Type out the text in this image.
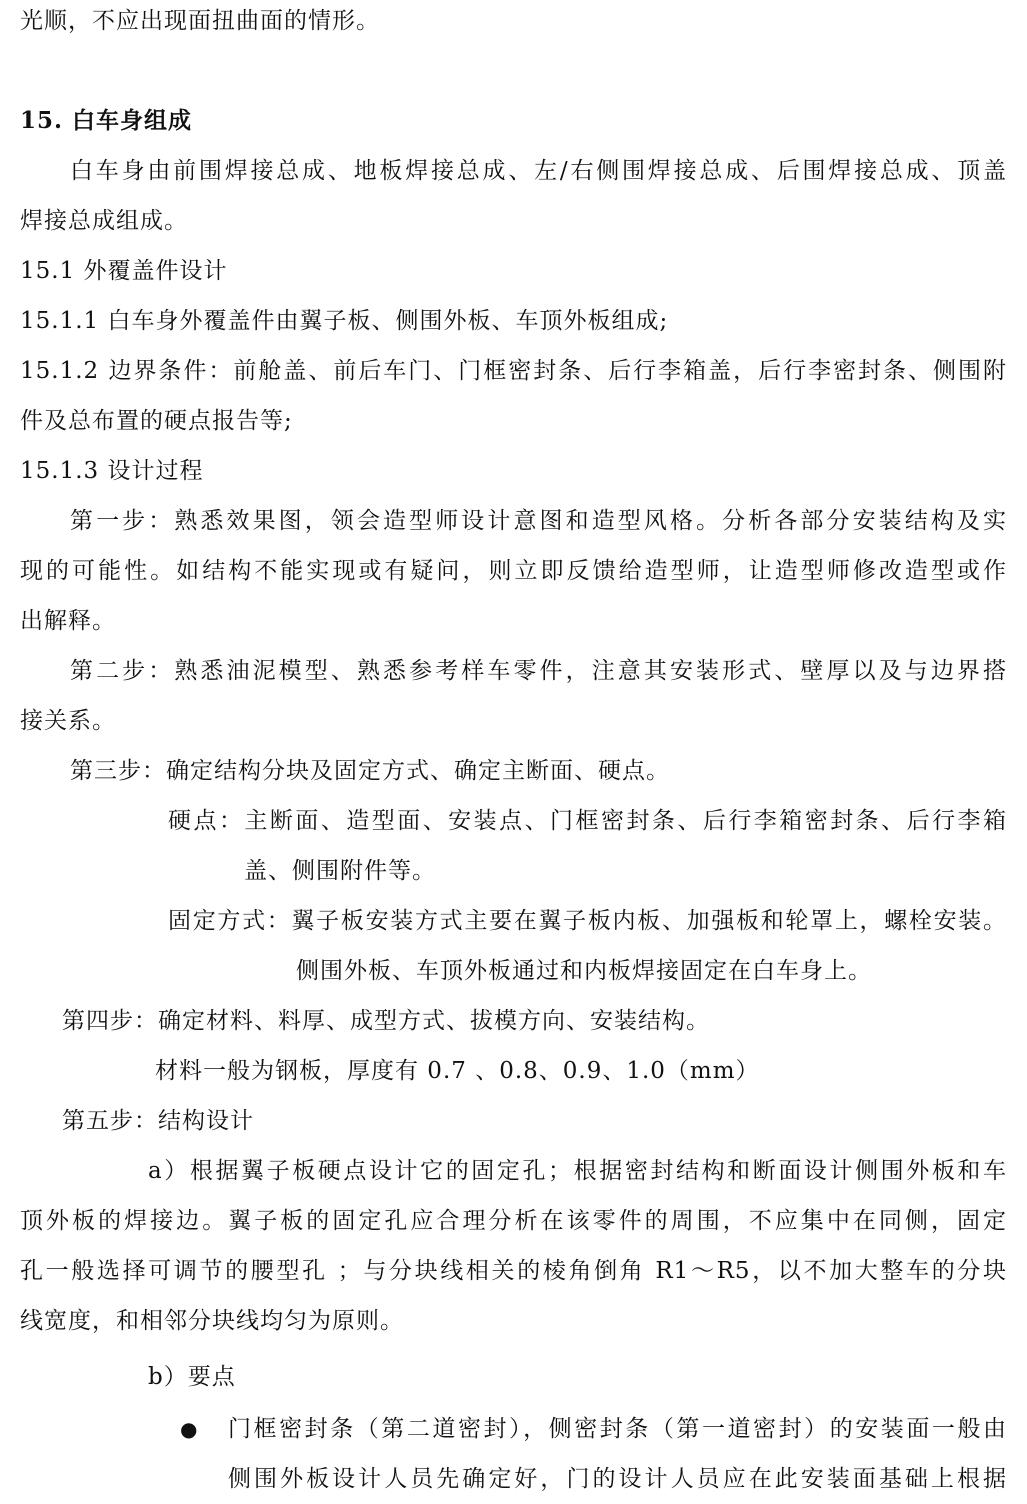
光顺，不应出现面扭曲面的情形。
15. 白车身组成
白车身由前围焊接总成、地板焊接总成、左/右侧围焊接总成、后围焊接总成、顶盖
焊接总成组成。
15.1 外覆盖件设计
15.1.1 白车身外覆盖件由翼子板、侧围外板、车顶外板组成;
15.1.2 边界条件：前舱盖、前后车门、门框密封条、后行李箱盖，后行李密封条、侧围附
件及总布置的硬点报告等;
15.1.3 设计过程
第一步：熟悉效果图，领会造型师设计意图和造型风格。分析各部分安装结构及实
现的可能性。如结构不能实现或有疑问，则立即反馈给造型师，让造型师修改造型或作
出解释。
第二步：熟悉油泥模型、熟悉参考样车零件，注意其安装形式、壁厚以及与边界搭
接关系。
第三步：确定结构分块及固定方式、确定主断面、硬点。
硬点：主断面、造型面、安装点、门框密封条、后行李箱密封条、后行李箱
盖、侧围附件等。
固定方式：翼子板安装方式主要在翼子板内板、加强板和轮罩上，螺栓安装。
侧围外板、车顶外板通过和内板焊接固定在白车身上。
第四步：确定材料、料厚、成型方式、拔模方向、安装结构。
材料一般为钢板，厚度有 0.7 、0.8、0.9、1.0（mm）
第五步：结构设计
a）根据翼子板硬点设计它的固定孔；根据密封结构和断面设计侧围外板和车
顶外板的焊接边。翼子板的固定孔应合理分析在该零件的周围，不应集中在同侧，固定
孔一般选择可调节的腰型孔 ；与分块线相关的棱角倒角 R1～R5，以不加大整车的分块
线宽度，和相邻分块线均匀为原则。
b）要点
● 门框密封条（第二道密封），侧密封条（第一道密封）的安装面一般由
侧围外板设计人员先确定好，门的设计人员应在此安装面基础上根据
